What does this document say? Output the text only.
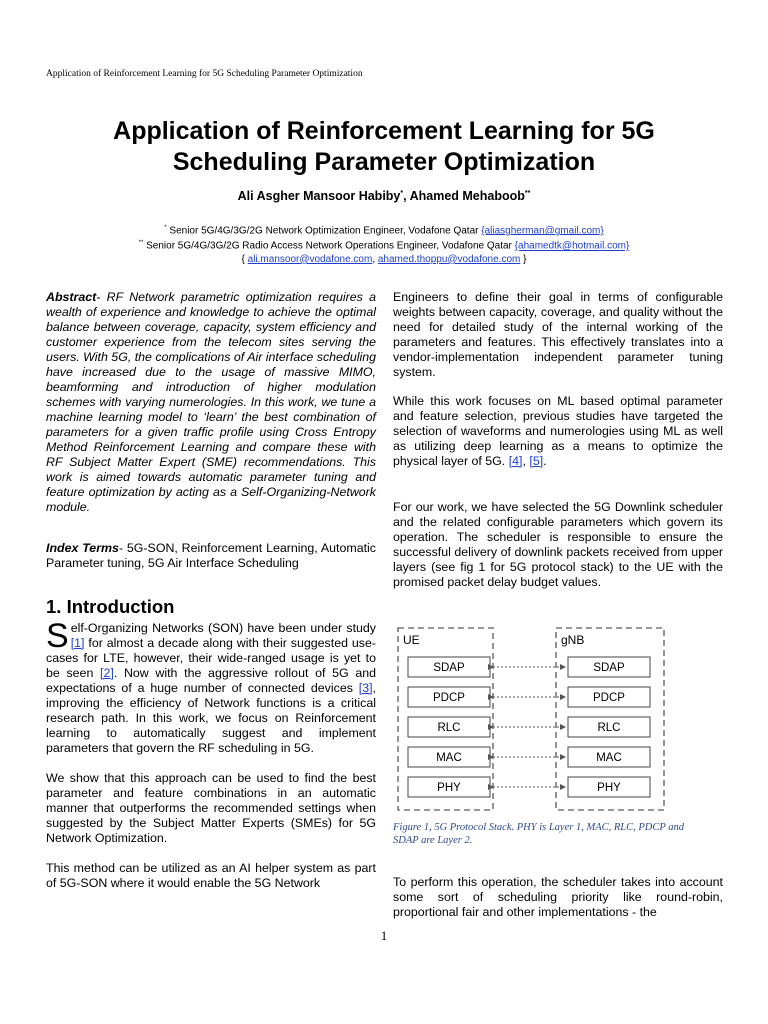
Application of Reinforcement Learning for 5G Scheduling Parameter Optimization
Application of Reinforcement Learning for 5G
Scheduling Parameter Optimization
Ali Asgher Mansoor Habiby*, Ahamed Mehaboob**
* Senior 5G/4G/3G/2G Network Optimization Engineer, Vodafone Qatar {aliasgherman@gmail.com}
** Senior 5G/4G/3G/2G Radio Access Network Operations Engineer, Vodafone Qatar {ahamedtk@hotmail.com}
{ ali.mansoor@vodafone.com, ahamed.thoppu@vodafone.com }

Abstract- RF Network parametric optimization requires a wealth of experience and knowledge to achieve the optimal balance between coverage, capacity, system efficiency and customer experience from the telecom sites serving the users. With 5G, the complications of Air interface scheduling have increased due to the usage of massive MIMO, beamforming and introduction of higher modulation schemes with varying numerologies. In this work, we tune a machine learning model to ‘learn’ the best combination of parameters for a given traffic profile using Cross Entropy Method Reinforcement Learning and compare these with RF Subject Matter Expert (SME) recommendations. This work is aimed towards automatic parameter tuning and feature optimization by acting as a Self-Organizing-Network module.

Index Terms- 5G-SON, Reinforcement Learning, Automatic Parameter tuning, 5G Air Interface Scheduling

1. Introduction

Self-Organizing Networks (SON) have been under study [1] for almost a decade along with their suggested use-cases for LTE, however, their wide-ranged usage is yet to be seen [2]. Now with the aggressive rollout of 5G and expectations of a huge number of connected devices [3], improving the efficiency of Network functions is a critical research path. In this work, we focus on Reinforcement learning to automatically suggest and implement parameters that govern the RF scheduling in 5G.

We show that this approach can be used to find the best parameter and feature combinations in an automatic manner that outperforms the recommended settings when suggested by the Subject Matter Experts (SMEs) for 5G Network Optimization.

This method can be utilized as an AI helper system as part of 5G-SON where it would enable the 5G Network

Engineers to define their goal in terms of configurable weights between capacity, coverage, and quality without the need for detailed study of the internal working of the parameters and features. This effectively translates into a vendor-implementation independent parameter tuning system.
While this work focuses on ML based optimal parameter and feature selection, previous studies have targeted the selection of waveforms and numerologies using ML as well as utilizing deep learning as a means to optimize the physical layer of 5G. [4], [5].
For our work, we have selected the 5G Downlink scheduler and the related configurable parameters which govern its operation. The scheduler is responsible to ensure the successful delivery of downlink packets received from upper layers (see fig 1 for 5G protocol stack) to the UE with the promised packet delay budget values.
UE	gNB
SDAP	SDAP
PDCP	PDCP
RLC	RLC
MAC	MAC
PHY	PHY
Figure 1, 5G Protocol Stack. PHY is Layer 1, MAC, RLC, PDCP and SDAP are Layer 2.
To perform this operation, the scheduler takes into account some sort of scheduling priority like round-robin, proportional fair and other implementations - the
1
